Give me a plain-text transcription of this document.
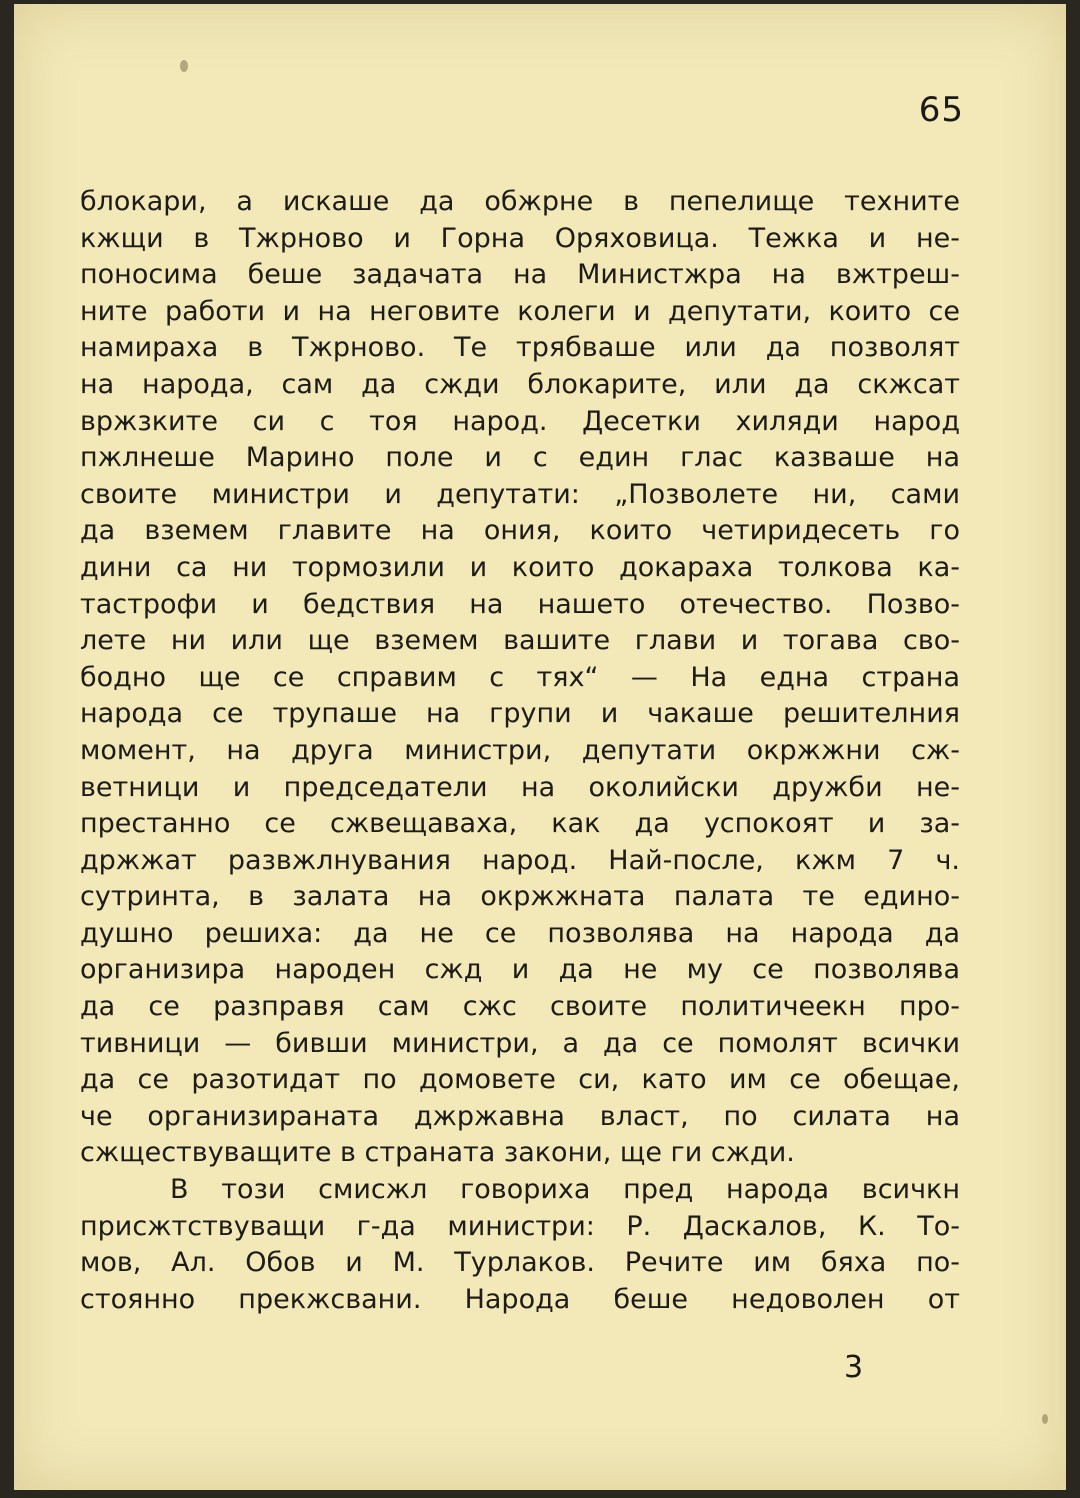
65
блокари, а искаше да обжрне в пепелище техните
кжщи в Тжрново и Горна Оряховица. Тежка и не-
поносима беше задачата на Министжра на вжтреш-
ните работи и на неговите колеги и депутати, които се
намираха в Тжрново. Те трябваше или да позволят
на народа, сам да сжди блокарите, или да скжсат
вржзките си с тоя народ. Десетки хиляди народ
пжлнеше Марино поле и с един глас казваше на
своите министри и депутати: „Позволете ни, сами
да вземем главите на ония, които четиридесеть го
дини са ни тормозили и които докараха толкова ка-
тастрофи и бедствия на нашето отечество. Позво-
лете ни или ще вземем вашите глави и тогава сво-
бодно ще се справим с тях“ — На една страна
народа се трупаше на групи и чакаше решителния
момент, на друга министри, депутати окржжни сж-
ветници и председатели на околийски дружби не-
престанно се сжвещаваха, как да успокоят и за-
држжат развжлнувания народ. Най-после, кжм 7 ч.
сутринта, в залата на окржжната палата те едино-
душно решиха: да не се позволява на народа да
организира народен сжд и да не му се позволява
да се разправя сам сжс своите политичеекн про-
тивници — бивши министри, а да се помолят всички
да се разотидат по домовете си, като им се обещае,
че организираната джржавна власт, по силата на
сжществуващите в страната закони, ще ги сжди.
В този смисжл говориха пред народа всичкн
присжтствуващи г-да министри: Р. Даскалов, К. То-
мов, Ал. Обов и М. Турлаков. Речите им бяха по-
стоянно прекжсвани. Народа беше недоволен от
3
